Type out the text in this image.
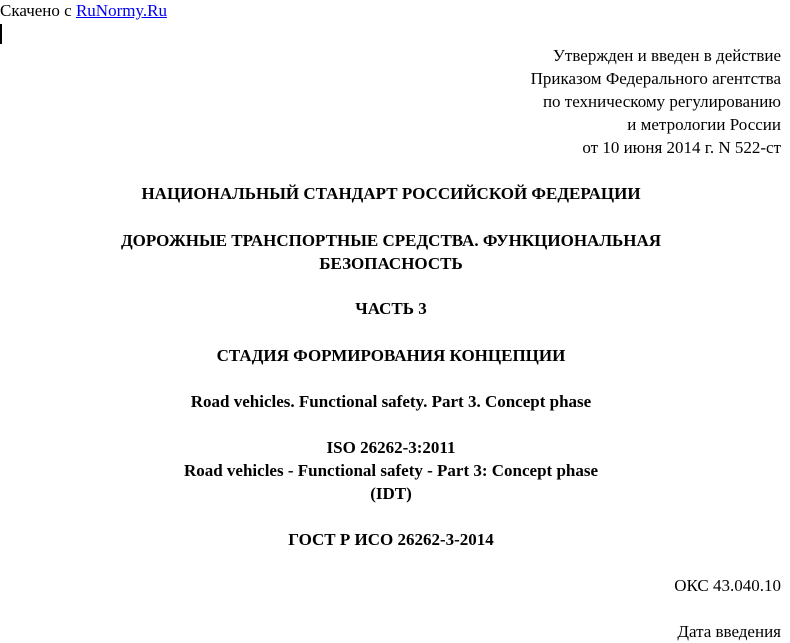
Скачено с RuNormy.Ru
Утвержден и введен в действие
Приказом Федерального агентства
по техническому регулированию
и метрологии России
от 10 июня 2014 г. N 522-ст
НАЦИОНАЛЬНЫЙ СТАНДАРТ РОССИЙСКОЙ ФЕДЕРАЦИИ
ДОРОЖНЫЕ ТРАНСПОРТНЫЕ СРЕДСТВА. ФУНКЦИОНАЛЬНАЯ
БЕЗОПАСНОСТЬ
ЧАСТЬ 3
СТАДИЯ ФОРМИРОВАНИЯ КОНЦЕПЦИИ
Road vehicles. Functional safety. Part 3. Concept phase
ISO 26262-3:2011
Road vehicles - Functional safety - Part 3: Concept phase
(IDT)
ГОСТ Р ИСО 26262-3-2014
ОКС 43.040.10
Дата введения
